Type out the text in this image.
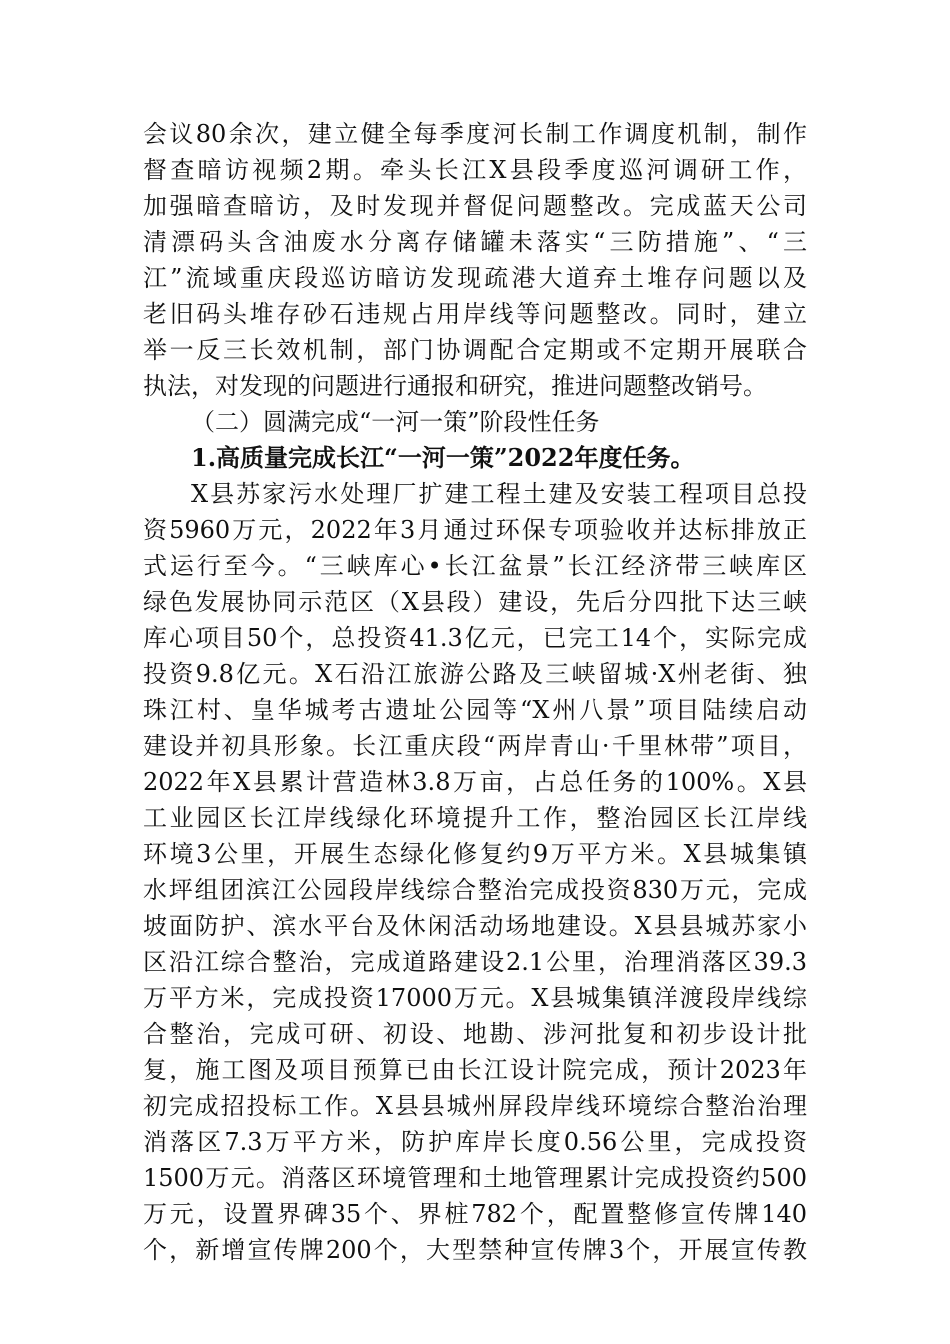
会议80余次，建立健全每季度河长制工作调度机制，制作
督查暗访视频2期。牵头长江X县段季度巡河调研工作，
加强暗查暗访，及时发现并督促问题整改。完成蓝天公司
清漂码头含油废水分离存储罐未落实“三防措施”、“三
江”流域重庆段巡访暗访发现疏港大道弃土堆存问题以及
老旧码头堆存砂石违规占用岸线等问题整改。同时，建立
举一反三长效机制，部门协调配合定期或不定期开展联合
执法，对发现的问题进行通报和研究，推进问题整改销号。
（二）圆满完成“一河一策”阶段性任务
1.高质量完成长江“一河一策”2022年度任务。
X县苏家污水处理厂扩建工程土建及安装工程项目总投
资5960万元，2022年3月通过环保专项验收并达标排放正
式运行至今。“三峡库心•长江盆景”长江经济带三峡库区
绿色发展协同示范区（X县段）建设，先后分四批下达三峡
库心项目50个，总投资41.3亿元，已完工14个，实际完成
投资9.8亿元。X石沿江旅游公路及三峡留城·X州老街、独
珠江村、皇华城考古遗址公园等“X州八景”项目陆续启动
建设并初具形象。长江重庆段“两岸青山·千里林带”项目，
2022年X县累计营造林3.8万亩，占总任务的100%。X县
工业园区长江岸线绿化环境提升工作，整治园区长江岸线
环境3公里，开展生态绿化修复约9万平方米。X县城集镇
水坪组团滨江公园段岸线综合整治完成投资830万元，完成
坡面防护、滨水平台及休闲活动场地建设。X县县城苏家小
区沿江综合整治，完成道路建设2.1公里，治理消落区39.3
万平方米，完成投资17000万元。X县城集镇洋渡段岸线综
合整治，完成可研、初设、地勘、涉河批复和初步设计批
复，施工图及项目预算已由长江设计院完成，预计2023年
初完成招投标工作。X县县城州屏段岸线环境综合整治治理
消落区7.3万平方米，防护库岸长度0.56公里，完成投资
1500万元。消落区环境管理和土地管理累计完成投资约500
万元，设置界碑35个、界桩782个，配置整修宣传牌140
个，新增宣传牌200个，大型禁种宣传牌3个，开展宣传教
